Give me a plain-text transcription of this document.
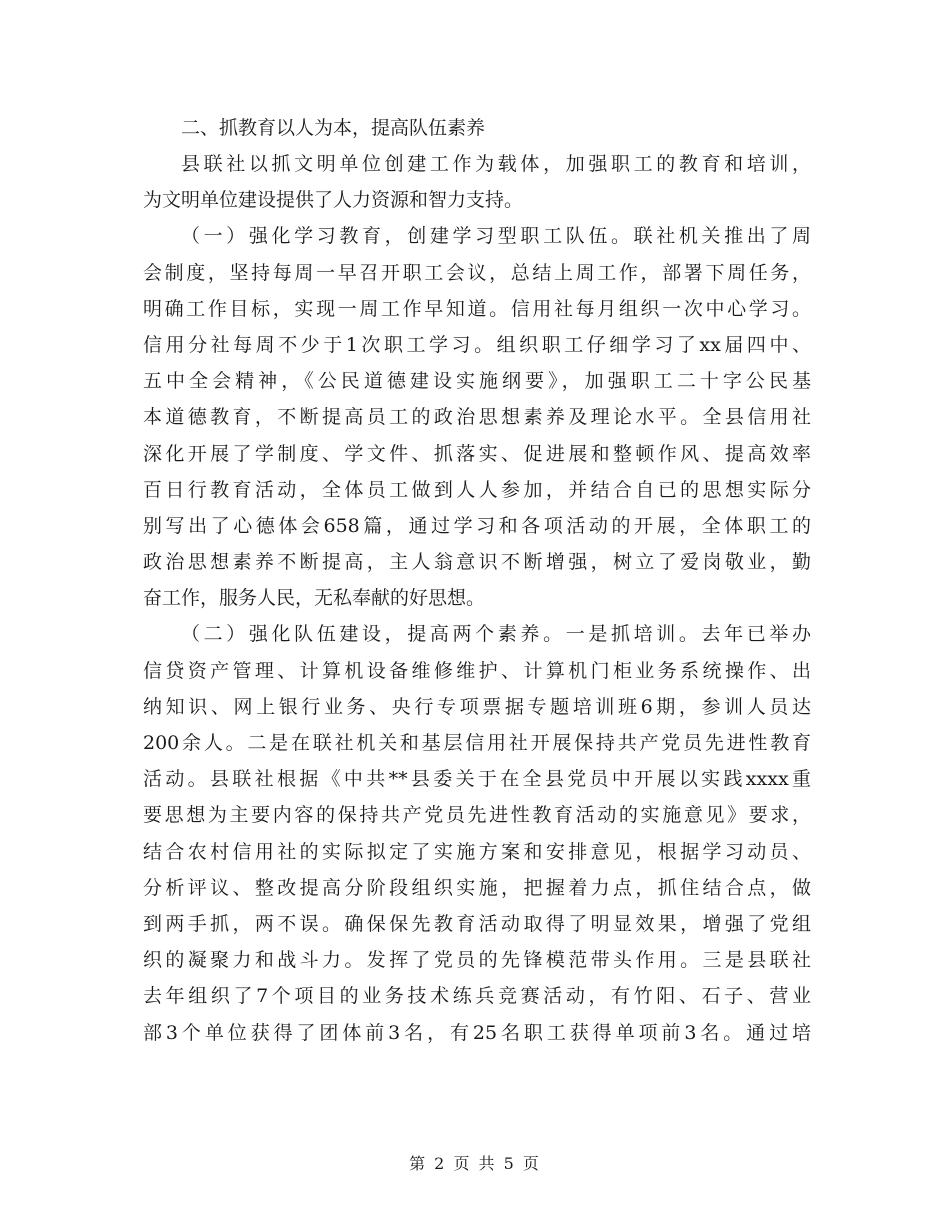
二、抓教育以人为本，提高队伍素养

县联社以抓文明单位创建工作为载体，加强职工的教育和培训，

为文明单位建设提供了人力资源和智力支持。

（一）强化学习教育，创建学习型职工队伍。联社机关推出了周

会制度，坚持每周一早召开职工会议，总结上周工作，部署下周任务，

明确工作目标，实现一周工作早知道。信用社每月组织一次中心学习。

信用分社每周不少于1次职工学习。组织职工仔细学习了xx届四中、

五中全会精神，《公民道德建设实施纲要》，加强职工二十字公民基

本道德教育，不断提高员工的政治思想素养及理论水平。全县信用社

深化开展了学制度、学文件、抓落实、促进展和整顿作风、提高效率

百日行教育活动，全体员工做到人人参加，并结合自已的思想实际分

别写出了心德体会658篇，通过学习和各项活动的开展，全体职工的

政治思想素养不断提高，主人翁意识不断增强，树立了爱岗敬业，勤

奋工作，服务人民，无私奉献的好思想。

（二）强化队伍建设，提高两个素养。一是抓培训。去年已举办

信贷资产管理、计算机设备维修维护、计算机门柜业务系统操作、出

纳知识、网上银行业务、央行专项票据专题培训班6期，参训人员达

200余人。二是在联社机关和基层信用社开展保持共产党员先进性教育

活动。县联社根据《中共**县委关于在全县党员中开展以实践xxxx重

要思想为主要内容的保持共产党员先进性教育活动的实施意见》要求，

结合农村信用社的实际拟定了实施方案和安排意见，根据学习动员、

分析评议、整改提高分阶段组织实施，把握着力点，抓住结合点，做

到两手抓，两不误。确保保先教育活动取得了明显效果，增强了党组

织的凝聚力和战斗力。发挥了党员的先锋模范带头作用。三是县联社

去年组织了7个项目的业务技术练兵竞赛活动，有竹阳、石子、营业

部3个单位获得了团体前3名，有25名职工获得单项前3名。通过培

第 2 页 共 5 页
